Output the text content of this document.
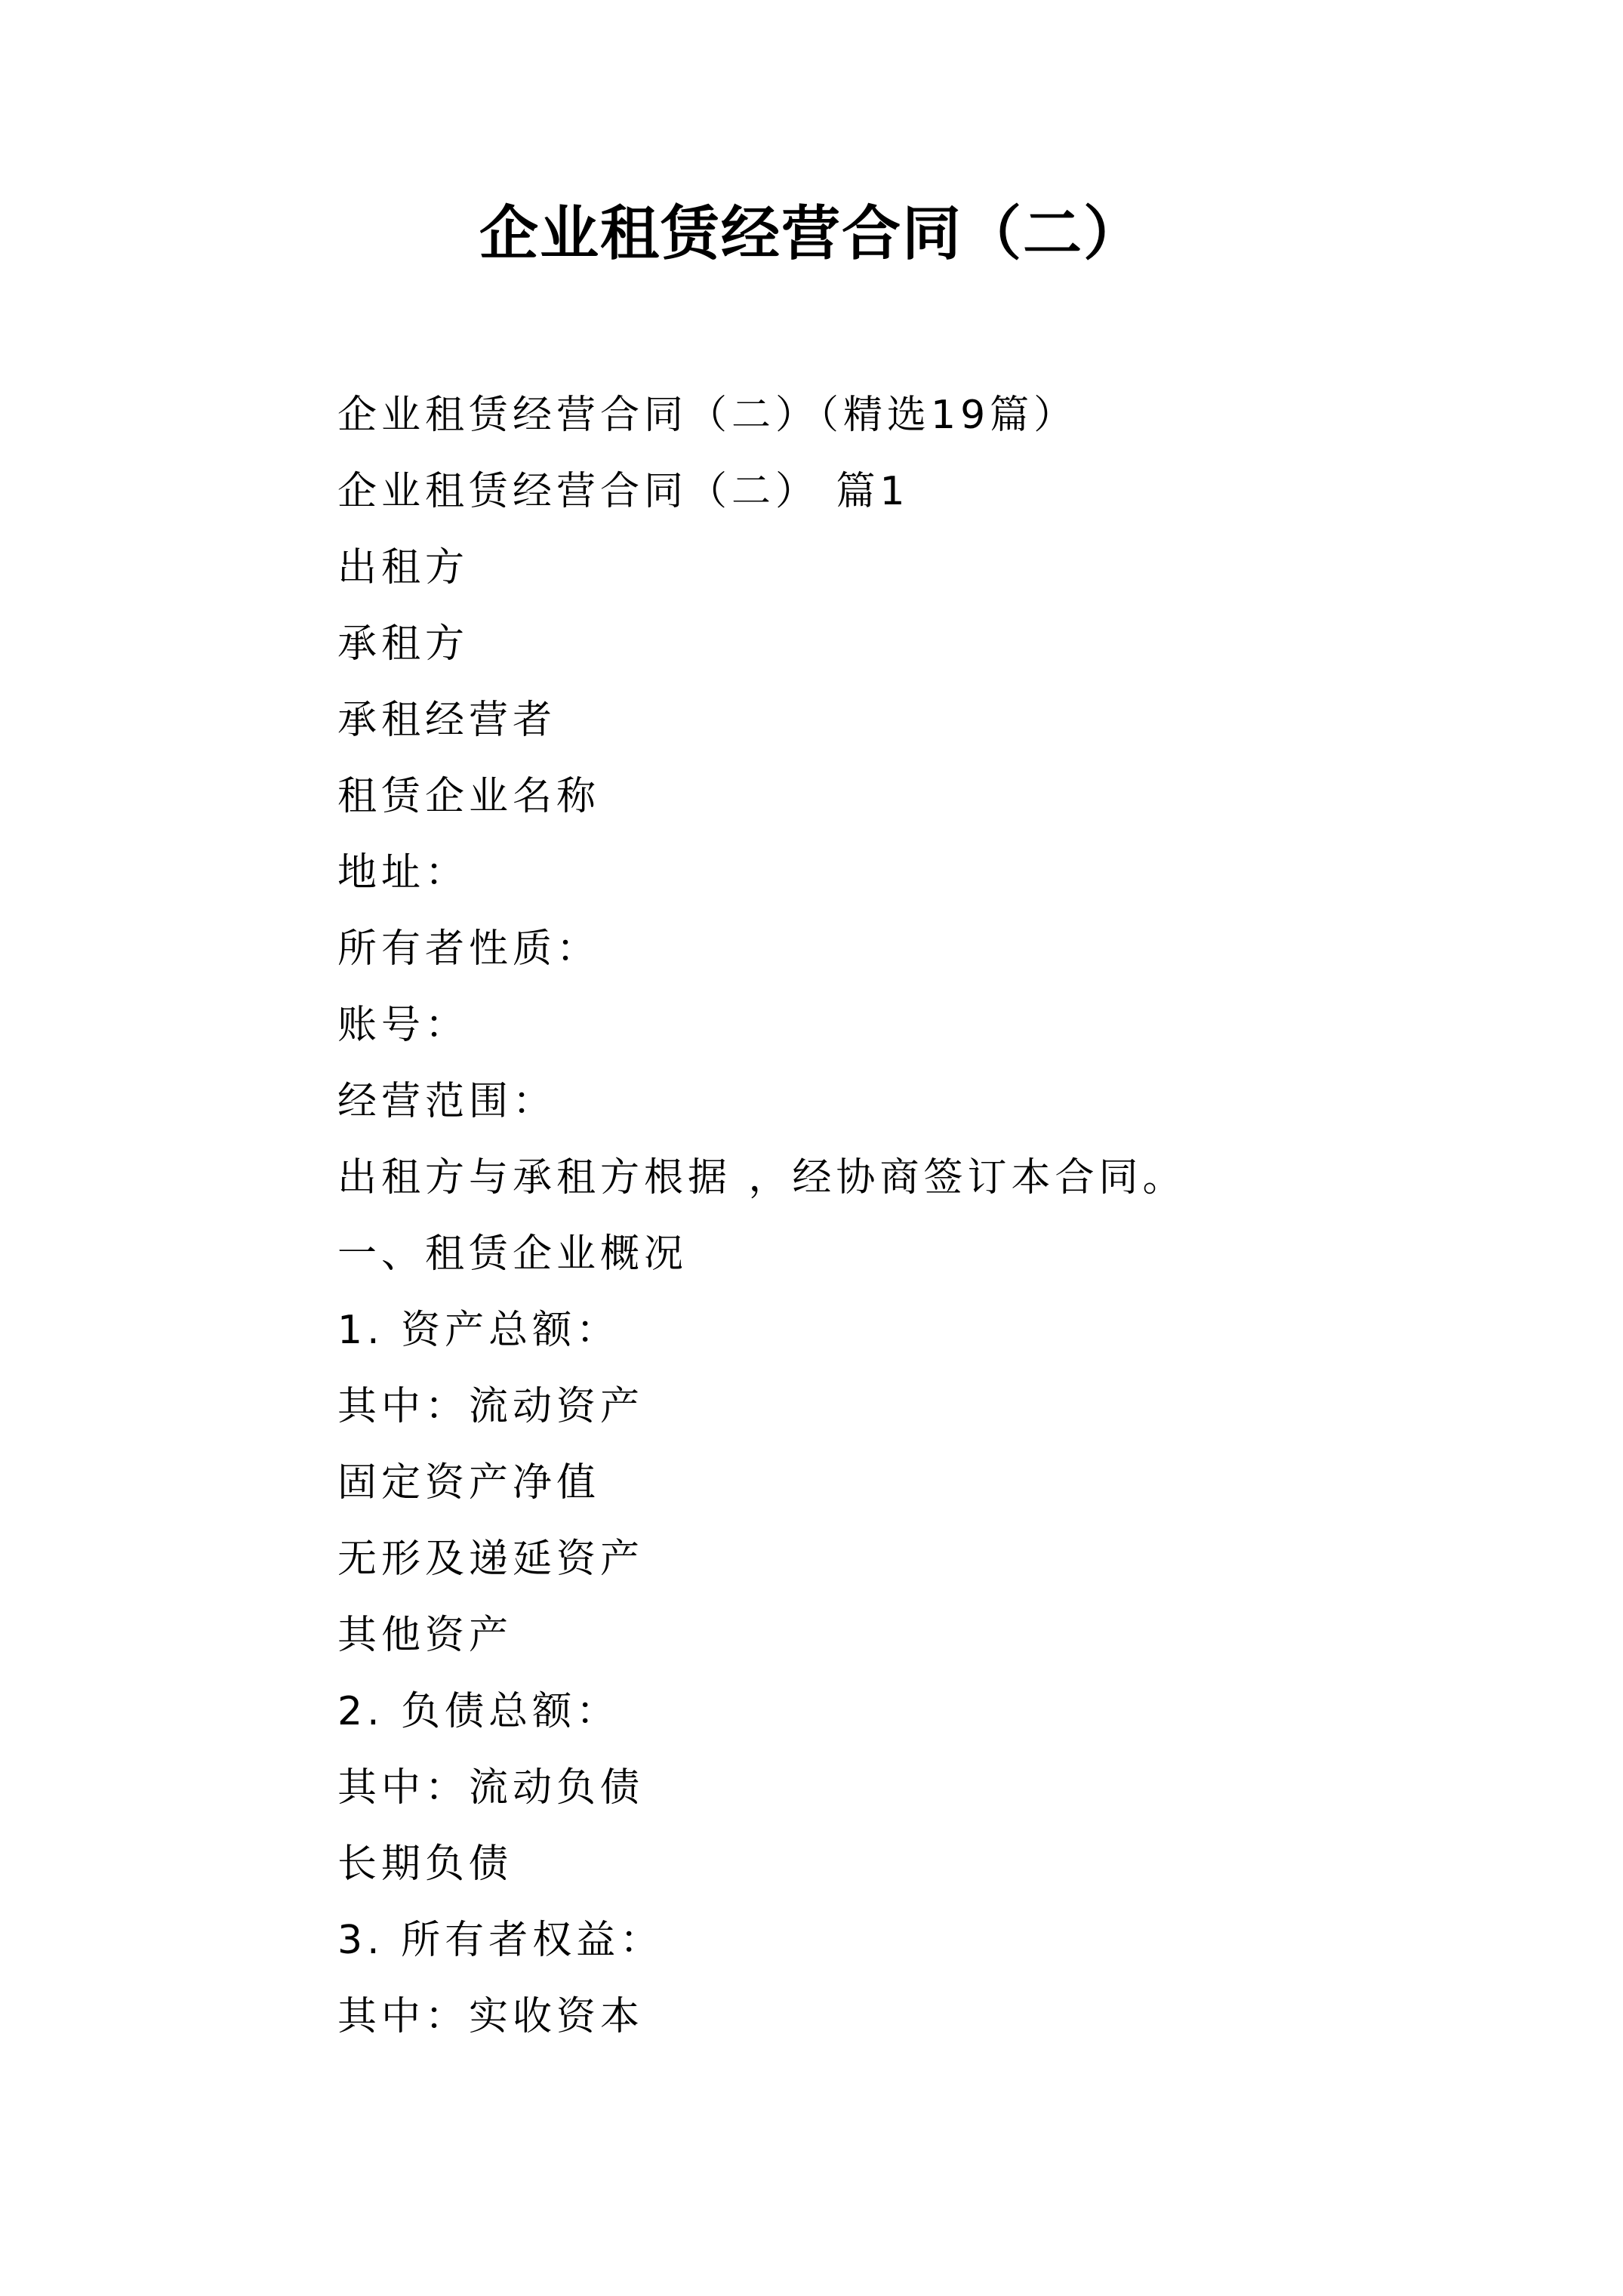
企业租赁经营合同（二）

企业租赁经营合同（二）（精选19篇）

企业租赁经营合同（二） 篇1

出租方

承租方

承租经营者

租赁企业名称

地址：

所有者性质：

账号：

经营范围：

出租方与承租方根据 ，经协商签订本合同。

一、租赁企业概况

1. 资产总额：

其中：流动资产

固定资产净值

无形及递延资产

其他资产

2. 负债总额：

其中：流动负债

长期负债

3. 所有者权益：

其中：实收资本
